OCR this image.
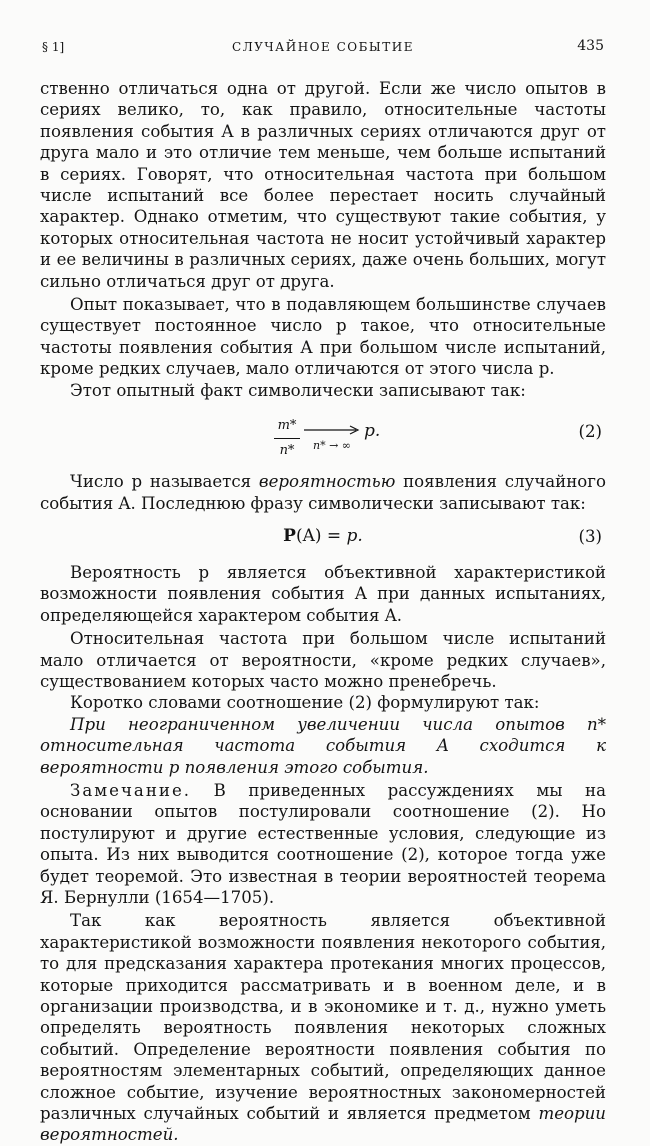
§ 1]	СЛУЧАЙНОЕ СОБЫТИЕ	435

ственно отличаться одна от другой. Если же число опытов в сериях велико, то, как правило, относительные частоты появления события A в различных сериях отличаются друг от друга мало и это отличие тем меньше, чем больше испытаний в сериях. Говорят, что относительная частота при большом числе испытаний все более перестает носить случайный характер. Однако отметим, что существуют такие события, у которых относительная частота не носит устойчивый характер и ее величины в различных сериях, даже очень больших, могут сильно отличаться друг от друга.

Опыт показывает, что в подавляющем большинстве случаев существует постоянное число p такое, что относительные частоты появления события A при большом числе испытаний, кроме редких случаев, мало отличаются от этого числа p.

Этот опытный факт символически записывают так:

$\frac{m*}{n*}$	n* → ∞
p.	(2)

Число p называется вероятностью появления случайного события A. Последнюю фразу символически записывают так:

P(A) = p.	(3)

Вероятность p является объективной характеристикой возможности появления события A при данных испытаниях, определяющейся характером события A.

Относительная частота при большом числе испытаний мало отличается от вероятности, «кроме редких случаев», существованием которых часто можно пренебречь.

Коротко словами соотношение (2) формулируют так:

При неограниченном увеличении числа опытов n* относительная частота события A сходится к вероятности p появления этого события.

Замечание. В приведенных рассуждениях мы на основании опытов постулировали соотношение (2). Но постулируют и другие естественные условия, следующие из опыта. Из них выводится соотношение (2), которое тогда уже будет теоремой. Это известная в теории вероятностей теорема Я. Бернулли (1654—1705).

Так как вероятность является объективной характеристикой возможности появления некоторого события, то для предсказания характера протекания многих процессов, которые приходится рассматривать и в военном деле, и в организации производства, и в экономике и т. д., нужно уметь определять вероятность появления некоторых сложных событий. Определение вероятности появления события по вероятностям элементарных событий, определяющих данное сложное событие, изучение вероятностных закономерностей различных случайных событий и является предметом теории вероятностей.
